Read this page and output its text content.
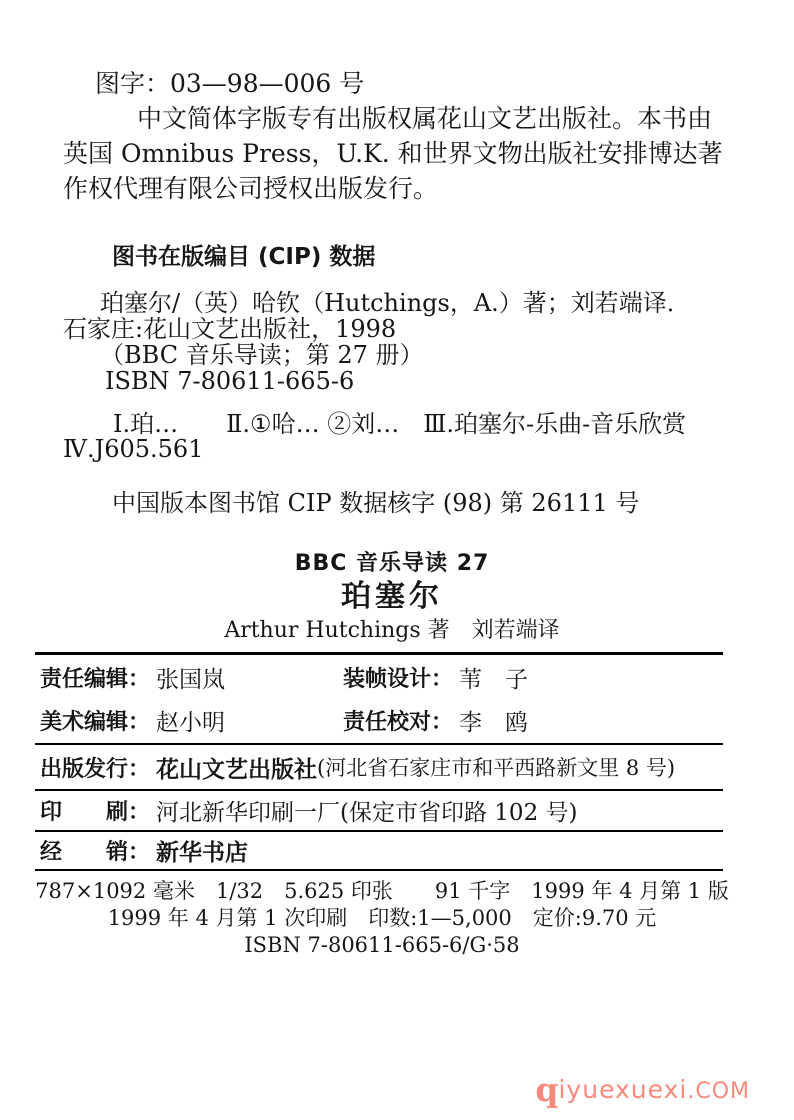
图字：03—98—006 号

中文简体字版专有出版权属花山文艺出版社。本书由

英国 Omnibus Press，U.K. 和世界文物出版社安排博达著

作权代理有限公司授权出版发行。

图书在版编目 (CIP) 数据

珀塞尔/（英）哈钦（Hutchings，A.）著；刘若端译．

石家庄:花山文艺出版社，1998

（BBC 音乐导读；第 27 册）

ISBN 7-80611-665-6

Ⅰ.珀…　　Ⅱ.①哈… ②刘…　Ⅲ.珀塞尔-乐曲-音乐欣赏

Ⅳ.J605.561

中国版本图书馆 CIP 数据核字 (98) 第 26111 号

BBC 音乐导读 27

珀塞尔

Arthur Hutchings 著　刘若端译

责任编辑： 张国岚	装帧设计： 苇　子
美术编辑： 赵小明	责任校对： 李　鸥
出版发行： 花山文艺出版社 (河北省石家庄市和平西路新文里 8 号)
印　　刷： 河北新华印刷一厂(保定市省印路 102 号)
经　　销： 新华书店

787×1092 毫米　1/32　5.625 印张　　91 千字　1999 年 4 月第 1 版

1999 年 4 月第 1 次印刷　印数:1—5,000　定价:9.70 元

ISBN 7-80611-665-6/G·58

qiyuexuexi.COM
